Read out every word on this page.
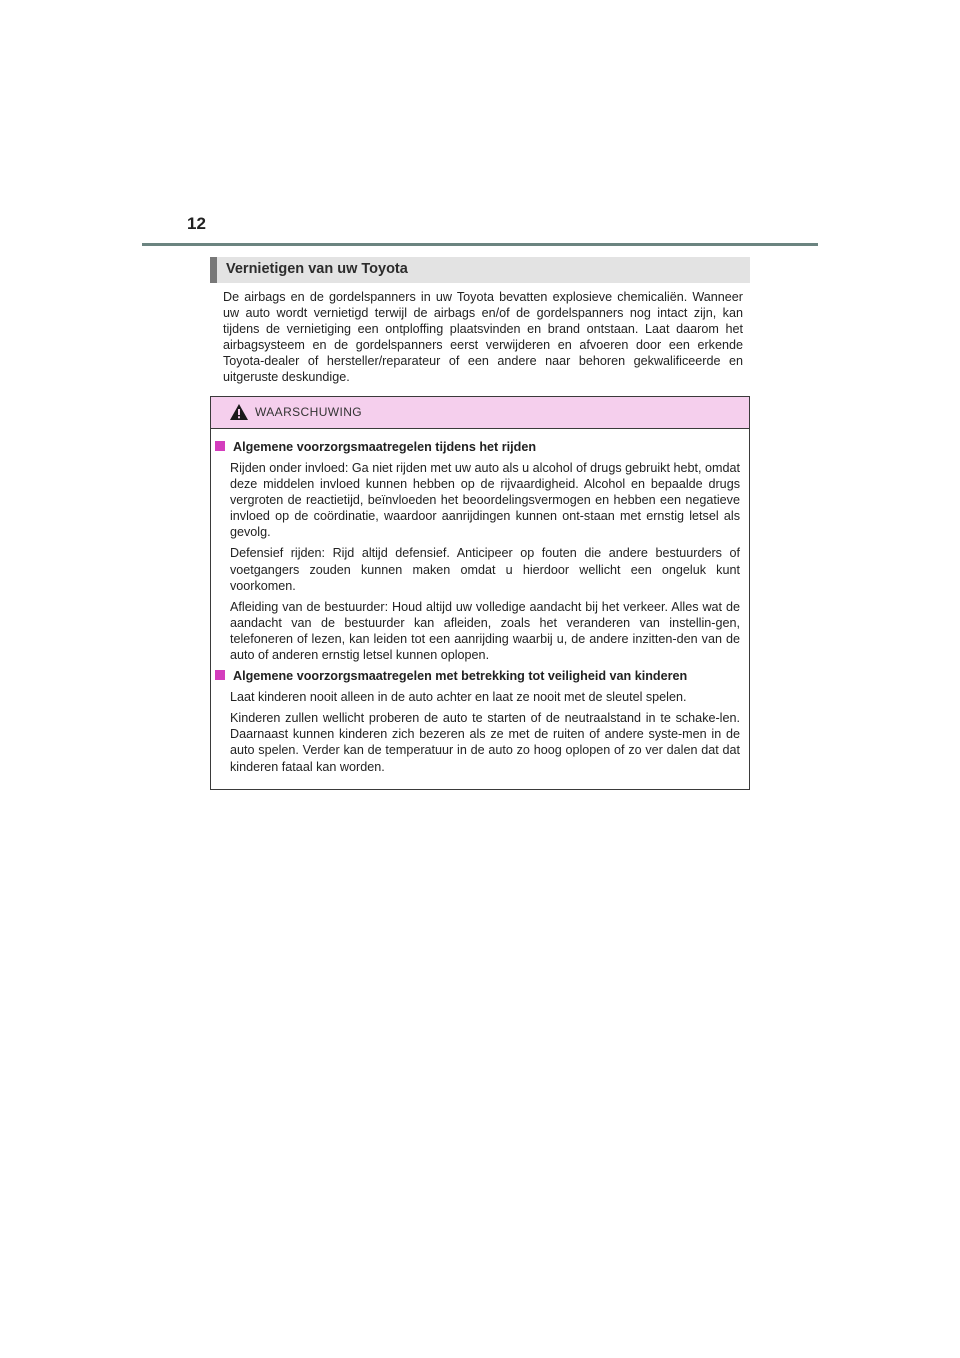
12
Vernietigen van uw Toyota
De airbags en de gordelspanners in uw Toyota bevatten explosieve chemicaliën. Wanneer uw auto wordt vernietigd terwijl de airbags en/of de gordelspanners nog intact zijn, kan tijdens de vernietiging een ontploffing plaatsvinden en brand ontstaan. Laat daarom het airbagsysteem en de gordelspanners eerst verwijderen en afvoeren door een erkende Toyota-dealer of hersteller/reparateur of een andere naar behoren gekwalificeerde en uitgeruste deskundige.
WAARSCHUWING
Algemene voorzorgsmaatregelen tijdens het rijden
Rijden onder invloed: Ga niet rijden met uw auto als u alcohol of drugs gebruikt hebt, omdat deze middelen invloed kunnen hebben op de rijvaardigheid. Alcohol en bepaalde drugs vergroten de reactietijd, beïnvloeden het beoordelingsvermogen en hebben een negatieve invloed op de coördinatie, waardoor aanrijdingen kunnen ont-staan met ernstig letsel als gevolg.
Defensief rijden: Rijd altijd defensief. Anticipeer op fouten die andere bestuurders of voetgangers zouden kunnen maken omdat u hierdoor wellicht een ongeluk kunt voorkomen.
Afleiding van de bestuurder: Houd altijd uw volledige aandacht bij het verkeer. Alles wat de aandacht van de bestuurder kan afleiden, zoals het veranderen van instellin-gen, telefoneren of lezen, kan leiden tot een aanrijding waarbij u, de andere inzitten-den van de auto of anderen ernstig letsel kunnen oplopen.
Algemene voorzorgsmaatregelen met betrekking tot veiligheid van kinderen
Laat kinderen nooit alleen in de auto achter en laat ze nooit met de sleutel spelen.
Kinderen zullen wellicht proberen de auto te starten of de neutraalstand in te schake-len. Daarnaast kunnen kinderen zich bezeren als ze met de ruiten of andere syste-men in de auto spelen. Verder kan de temperatuur in de auto zo hoog oplopen of zo ver dalen dat dat kinderen fataal kan worden.
